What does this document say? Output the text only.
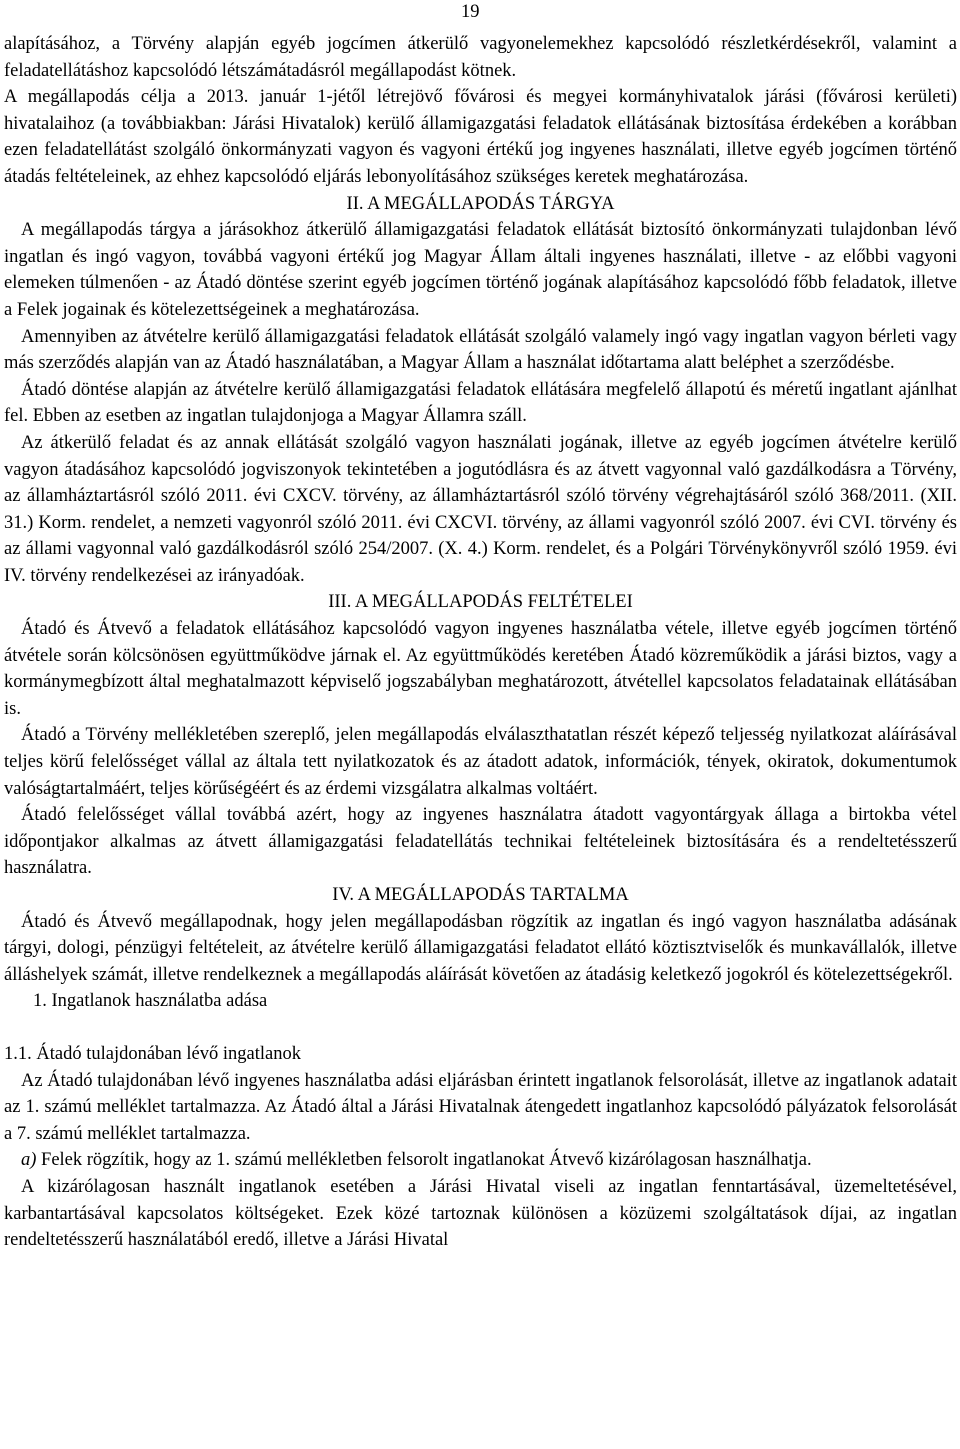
19

alapításához, a Törvény alapján egyéb jogcímen átkerülő vagyonelemekhez kapcsolódó részletkérdésekről, valamint a feladatellátáshoz kapcsolódó létszámátadásról megállapodást kötnek.

A megállapodás célja a 2013. január 1-jétől létrejövő fővárosi és megyei kormányhivatalok járási (fővárosi kerületi) hivatalaihoz (a továbbiakban: Járási Hivatalok) kerülő államigazgatási feladatok ellátásának biztosítása érdekében a korábban ezen feladatellátást szolgáló önkormányzati vagyon és vagyoni értékű jog ingyenes használati, illetve egyéb jogcímen történő átadás feltételeinek, az ehhez kapcsolódó eljárás lebonyolításához szükséges keretek meghatározása.

II. A MEGÁLLAPODÁS TÁRGYA

A megállapodás tárgya a járásokhoz átkerülő államigazgatási feladatok ellátását biztosító önkormányzati tulajdonban lévő ingatlan és ingó vagyon, továbbá vagyoni értékű jog Magyar Állam általi ingyenes használati, illetve - az előbbi vagyoni elemeken túlmenően - az Átadó döntése szerint egyéb jogcímen történő jogának alapításához kapcsolódó főbb feladatok, illetve a Felek jogainak és kötelezettségeinek a meghatározása.

Amennyiben az átvételre kerülő államigazgatási feladatok ellátását szolgáló valamely ingó vagy ingatlan vagyon bérleti vagy más szerződés alapján van az Átadó használatában, a Magyar Állam a használat időtartama alatt beléphet a szerződésbe.

Átadó döntése alapján az átvételre kerülő államigazgatási feladatok ellátására megfelelő állapotú és méretű ingatlant ajánlhat fel. Ebben az esetben az ingatlan tulajdonjoga a Magyar Államra száll.

Az átkerülő feladat és az annak ellátását szolgáló vagyon használati jogának, illetve az egyéb jogcímen átvételre kerülő vagyon átadásához kapcsolódó jogviszonyok tekintetében a jogutódlásra és az átvett vagyonnal való gazdálkodásra a Törvény, az államháztartásról szóló 2011. évi CXCV. törvény, az államháztartásról szóló törvény végrehajtásáról szóló 368/2011. (XII. 31.) Korm. rendelet, a nemzeti vagyonról szóló 2011. évi CXCVI. törvény, az állami vagyonról szóló 2007. évi CVI. törvény és az állami vagyonnal való gazdálkodásról szóló 254/2007. (X. 4.) Korm. rendelet, és a Polgári Törvénykönyvről szóló 1959. évi IV. törvény rendelkezései az irányadóak.

III. A MEGÁLLAPODÁS FELTÉTELEI

Átadó és Átvevő a feladatok ellátásához kapcsolódó vagyon ingyenes használatba vétele, illetve egyéb jogcímen történő átvétele során kölcsönösen együttműködve járnak el. Az együttműködés keretében Átadó közreműködik a járási biztos, vagy a kormánymegbízott által meghatalmazott képviselő jogszabályban meghatározott, átvétellel kapcsolatos feladatainak ellátásában is.

Átadó a Törvény mellékletében szereplő, jelen megállapodás elválaszthatatlan részét képező teljesség nyilatkozat aláírásával teljes körű felelősséget vállal az általa tett nyilatkozatok és az átadott adatok, információk, tények, okiratok, dokumentumok valóságtartalmáért, teljes körűségéért és az érdemi vizsgálatra alkalmas voltáért.

Átadó felelősséget vállal továbbá azért, hogy az ingyenes használatra átadott vagyontárgyak állaga a birtokba vétel időpontjakor alkalmas az átvett államigazgatási feladatellátás technikai feltételeinek biztosítására és a rendeltetésszerű használatra.

IV. A MEGÁLLAPODÁS TARTALMA

Átadó és Átvevő megállapodnak, hogy jelen megállapodásban rögzítik az ingatlan és ingó vagyon használatba adásának tárgyi, dologi, pénzügyi feltételeit, az átvételre kerülő államigazgatási feladatot ellátó köztisztviselők és munkavállalók, illetve álláshelyek számát, illetve rendelkeznek a megállapodás aláírását követően az átadásig keletkező jogokról és kötelezettségekről.

1. Ingatlanok használatba adása

1.1. Átadó tulajdonában lévő ingatlanok

Az Átadó tulajdonában lévő ingyenes használatba adási eljárásban érintett ingatlanok felsorolását, illetve az ingatlanok adatait az 1. számú melléklet tartalmazza. Az Átadó által a Járási Hivatalnak átengedett ingatlanhoz kapcsolódó pályázatok felsorolását a 7. számú melléklet tartalmazza.

a) Felek rögzítik, hogy az 1. számú mellékletben felsorolt ingatlanokat Átvevő kizárólagosan használhatja.

A kizárólagosan használt ingatlanok esetében a Járási Hivatal viseli az ingatlan fenntartásával, üzemeltetésével, karbantartásával kapcsolatos költségeket. Ezek közé tartoznak különösen a közüzemi szolgáltatások díjai, az ingatlan rendeltetésszerű használatából eredő, illetve a Járási Hivatal
